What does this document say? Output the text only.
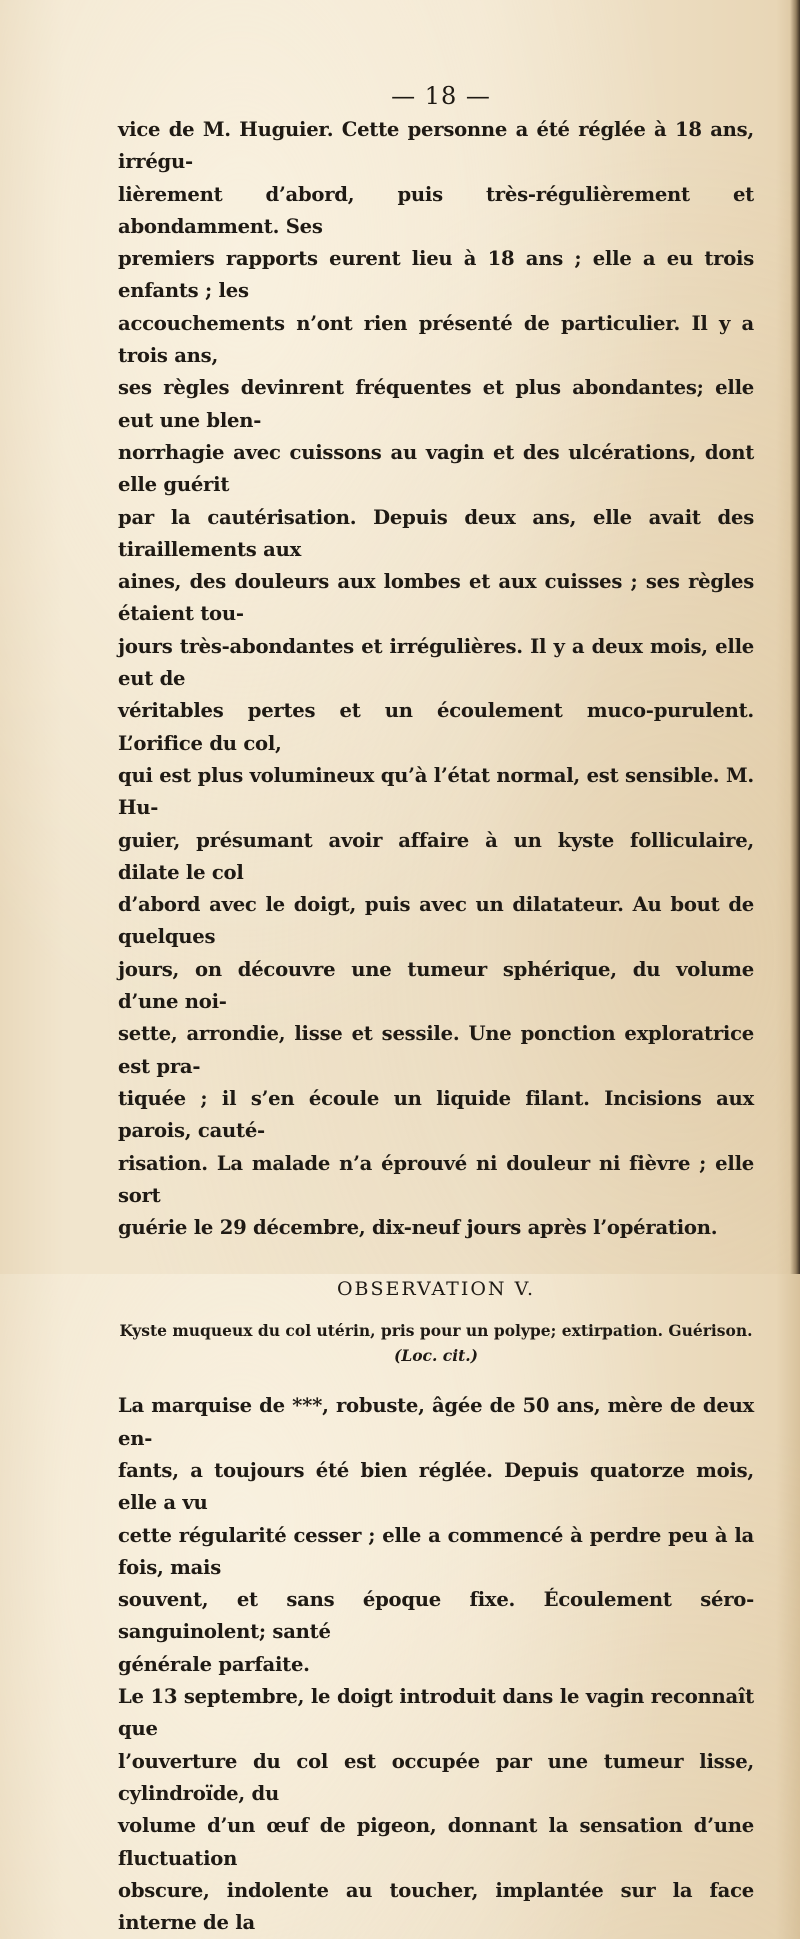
— 18 —

vice de M. Huguier. Cette personne a été réglée à 18 ans, irrégu-

lièrement d’abord, puis très-régulièrement et abondamment. Ses

premiers rapports eurent lieu à 18 ans ; elle a eu trois enfants ; les

accouchements n’ont rien présenté de particulier. Il y a trois ans,

ses règles devinrent fréquentes et plus abondantes; elle eut une blen-

norrhagie avec cuissons au vagin et des ulcérations, dont elle guérit

par la cautérisation. Depuis deux ans, elle avait des tiraillements aux

aines, des douleurs aux lombes et aux cuisses ; ses règles étaient tou-

jours très-abondantes et irrégulières. Il y a deux mois, elle eut de

véritables pertes et un écoulement muco-purulent. L’orifice du col,

qui est plus volumineux qu’à l’état normal, est sensible. M. Hu-

guier, présumant avoir affaire à un kyste folliculaire, dilate le col

d’abord avec le doigt, puis avec un dilatateur. Au bout de quelques

jours, on découvre une tumeur sphérique, du volume d’une noi-

sette, arrondie, lisse et sessile. Une ponction exploratrice est pra-

tiquée ; il s’en écoule un liquide filant. Incisions aux parois, cauté-

risation. La malade n’a éprouvé ni douleur ni fièvre ; elle sort

guérie le 29 décembre, dix-neuf jours après l’opération.

OBSERVATION V.
Kyste muqueux du col utérin, pris pour un polype; extirpation. Guérison.
(Loc. cit.)

La marquise de ***, robuste, âgée de 50 ans, mère de deux en-

fants, a toujours été bien réglée. Depuis quatorze mois, elle a vu

cette régularité cesser ; elle a commencé à perdre peu à la fois, mais

souvent, et sans époque fixe. Écoulement séro-sanguinolent; santé

générale parfaite.

Le 13 septembre, le doigt introduit dans le vagin reconnaît que

l’ouverture du col est occupée par une tumeur lisse, cylindroïde, du

volume d’un œuf de pigeon, donnant la sensation d’une fluctuation

obscure, indolente au toucher, implantée sur la face interne de la
